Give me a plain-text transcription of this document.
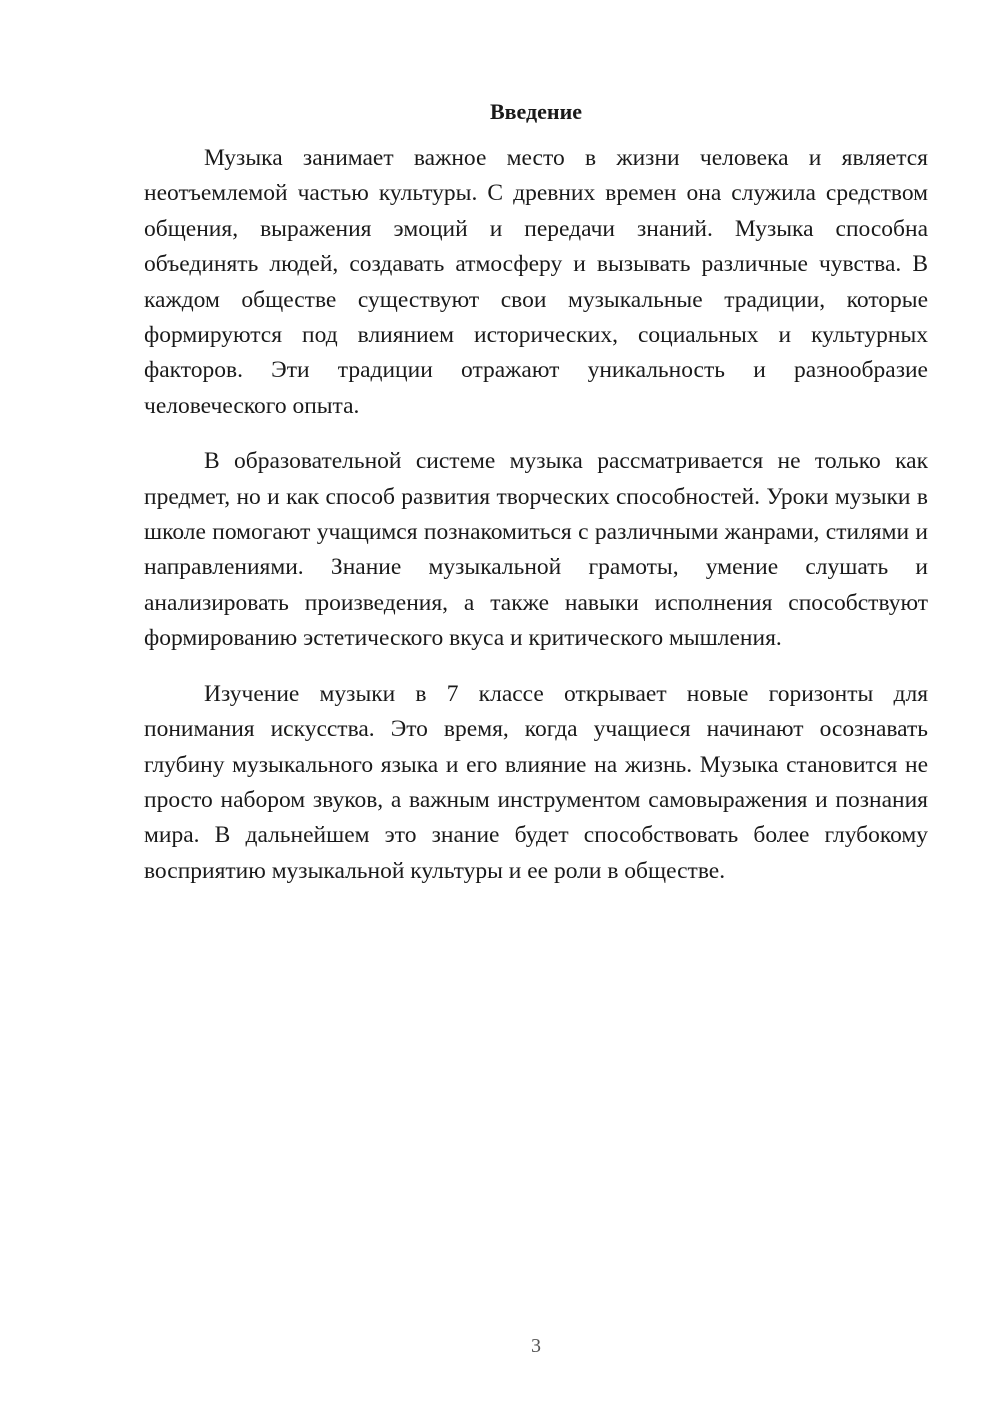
Введение

Музыка занимает важное место в жизни человека и является неотъемлемой частью культуры. С древних времен она служила средством общения, выражения эмоций и передачи знаний. Музыка способна объединять людей, создавать атмосферу и вызывать различные чувства. В каждом обществе существуют свои музыкальные традиции, которые формируются под влиянием исторических, социальных и культурных факторов. Эти традиции отражают уникальность и разнообразие человеческого опыта.

В образовательной системе музыка рассматривается не только как предмет, но и как способ развития творческих способностей. Уроки музыки в школе помогают учащимся познакомиться с различными жанрами, стилями и направлениями. Знание музыкальной грамоты, умение слушать и анализировать произведения, а также навыки исполнения способствуют формированию эстетического вкуса и критического мышления.

Изучение музыки в 7 классе открывает новые горизонты для понимания искусства. Это время, когда учащиеся начинают осознавать глубину музыкального языка и его влияние на жизнь. Музыка становится не просто набором звуков, а важным инструментом самовыражения и познания мира. В дальнейшем это знание будет способствовать более глубокому восприятию музыкальной культуры и ее роли в обществе.

3
